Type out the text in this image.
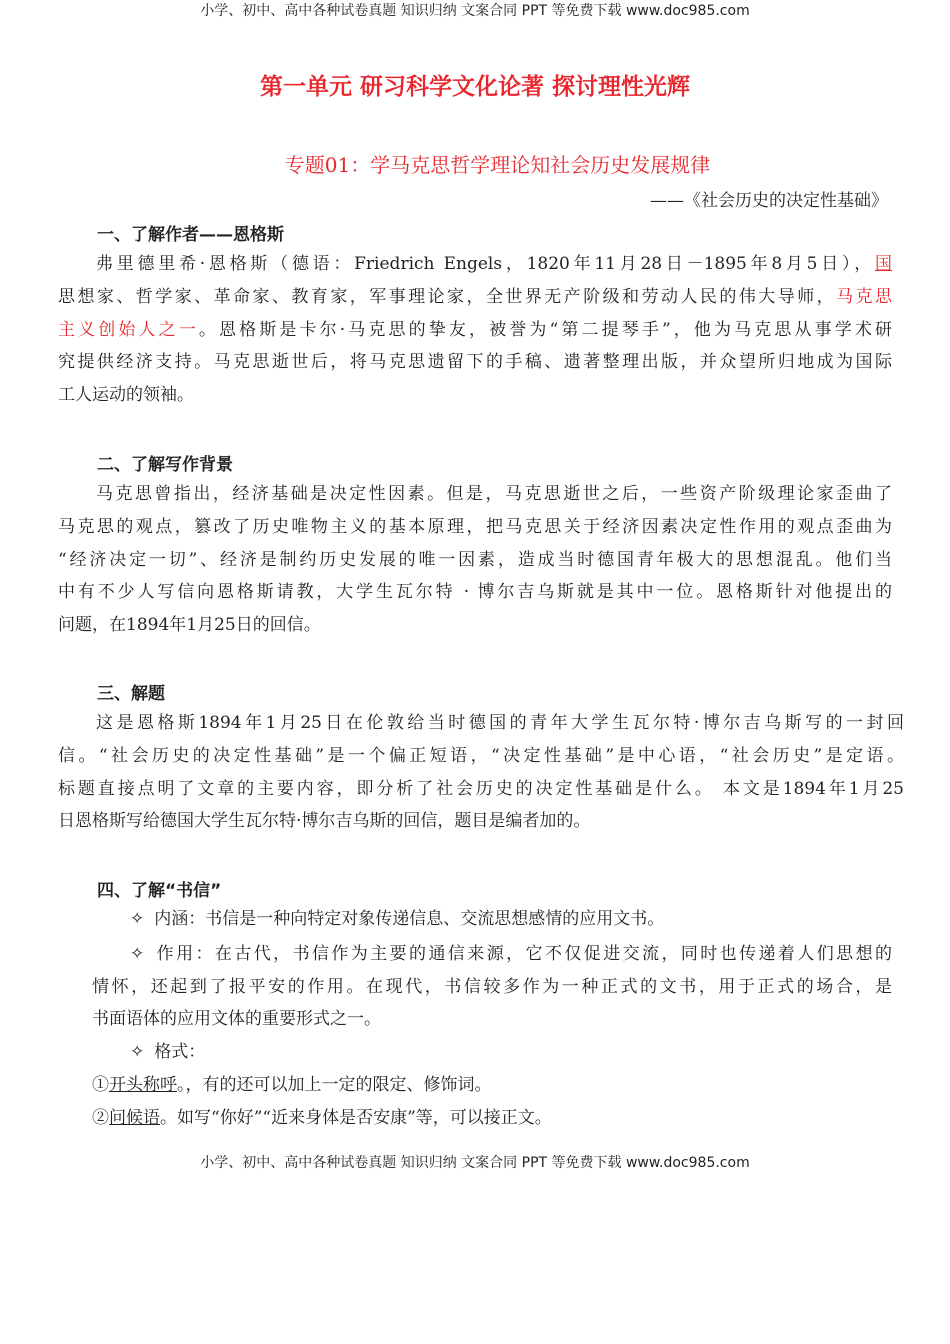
小学、初中、高中各种试卷真题 知识归纳 文案合同 PPT 等免费下载 www.doc985.com
第一单元 研习科学文化论著 探讨理性光辉
专题01：学马克思哲学理论知社会历史发展规律
——《社会历史的决定性基础》
一、了解作者——恩格斯
弗里德里希·恩格斯（德语：Friedrich Engels，1820年11月28日－1895年8月5日），国
思想家、哲学家、革命家、教育家，军事理论家，全世界无产阶级和劳动人民的伟大导师，马克思
主义创始人之一。恩格斯是卡尔·马克思的挚友，被誉为“第二提琴手”，他为马克思从事学术研
究提供经济支持。马克思逝世后，将马克思遗留下的手稿、遗著整理出版，并众望所归地成为国际
工人运动的领袖。
二、了解写作背景
马克思曾指出，经济基础是决定性因素。但是，马克思逝世之后，一些资产阶级理论家歪曲了
马克思的观点，篡改了历史唯物主义的基本原理，把马克思关于经济因素决定性作用的观点歪曲为
“经济决定一切”、经济是制约历史发展的唯一因素，造成当时德国青年极大的思想混乱。他们当
中有不少人写信向恩格斯请教，大学生瓦尔特 · 博尔吉乌斯就是其中一位。恩格斯针对他提出的
问题，在1894年1月25日的回信。
三、解题
这是恩格斯1894年1月25日在伦敦给当时德国的青年大学生瓦尔特·博尔吉乌斯写的一封回
信。“社会历史的决定性基础”是一个偏正短语，“决定性基础”是中心语，“社会历史”是定语。
标题直接点明了文章的主要内容，即分析了社会历史的决定性基础是什么。 本文是1894年1月25
日恩格斯写给德国大学生瓦尔特·博尔吉乌斯的回信，题目是编者加的。
四、了解“书信”
✧ 内涵：书信是一种向特定对象传递信息、交流思想感情的应用文书。
✧ 作用：在古代，书信作为主要的通信来源，它不仅促进交流，同时也传递着人们思想的
情怀，还起到了报平安的作用。在现代，书信较多作为一种正式的文书，用于正式的场合，是
书面语体的应用文体的重要形式之一。
✧ 格式：
①开头称呼。，有的还可以加上一定的限定、修饰词。
②问候语。如写“你好”“近来身体是否安康”等，可以接正文。
小学、初中、高中各种试卷真题 知识归纳 文案合同 PPT 等免费下载 www.doc985.com
